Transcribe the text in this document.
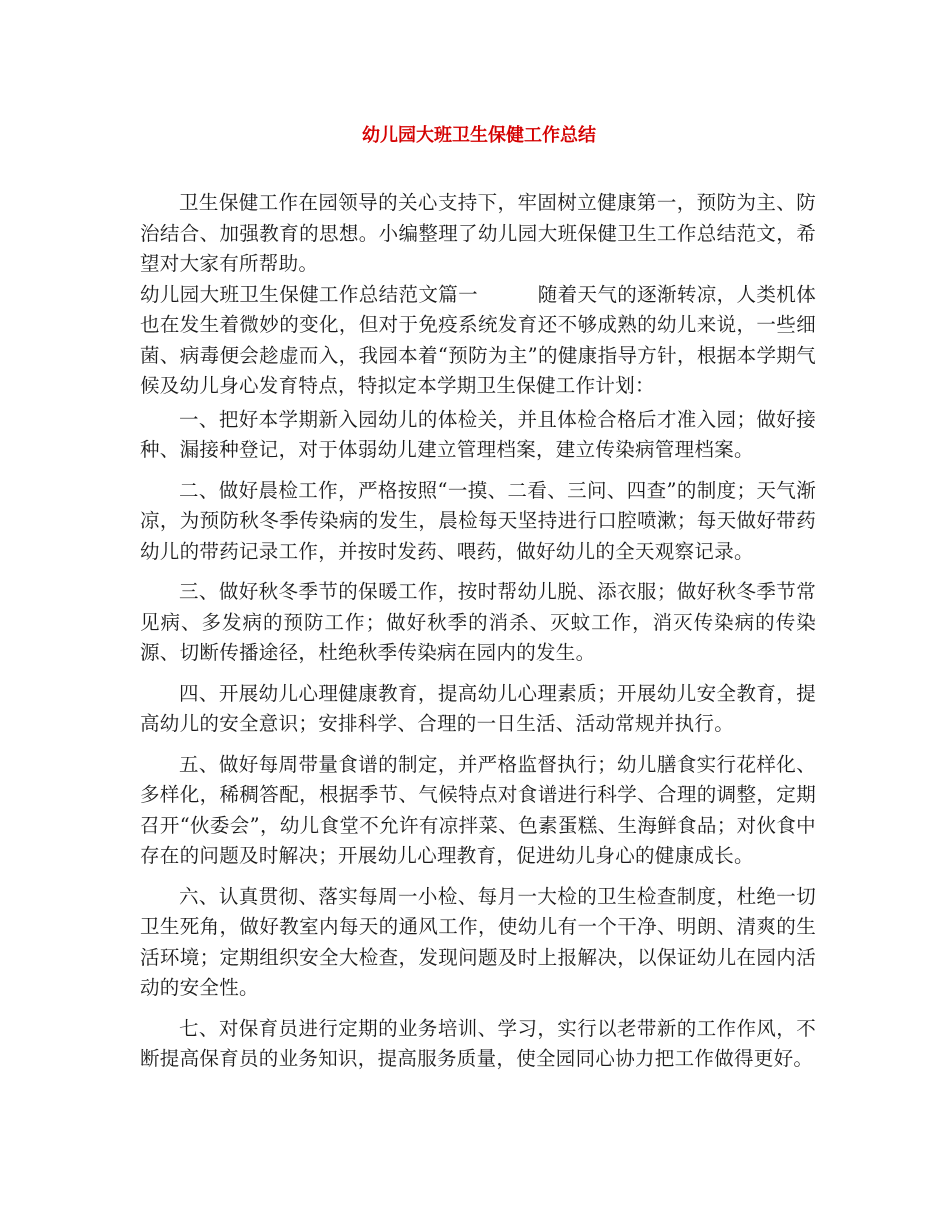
幼儿园大班卫生保健工作总结

卫生保健工作在园领导的关心支持下，牢固树立健康第一，预防为主、防治结合、加强教育的思想。小编整理了幼儿园大班保健卫生工作总结范文，希望对大家有所帮助。

幼儿园大班卫生保健工作总结范文篇一　　　随着天气的逐渐转凉，人类机体也在发生着微妙的变化，但对于免疫系统发育还不够成熟的幼儿来说，一些细菌、病毒便会趁虚而入，我园本着“预防为主”的健康指导方针，根据本学期气候及幼儿身心发育特点，特拟定本学期卫生保健工作计划：

一、把好本学期新入园幼儿的体检关，并且体检合格后才准入园；做好接种、漏接种登记，对于体弱幼儿建立管理档案，建立传染病管理档案。

二、做好晨检工作，严格按照“一摸、二看、三问、四查”的制度；天气渐凉，为预防秋冬季传染病的发生，晨检每天坚持进行口腔喷漱；每天做好带药幼儿的带药记录工作，并按时发药、喂药，做好幼儿的全天观察记录。

三、做好秋冬季节的保暖工作，按时帮幼儿脱、添衣服；做好秋冬季节常见病、多发病的预防工作；做好秋季的消杀、灭蚊工作，消灭传染病的传染源、切断传播途径，杜绝秋季传染病在园内的发生。

四、开展幼儿心理健康教育，提高幼儿心理素质；开展幼儿安全教育，提高幼儿的安全意识；安排科学、合理的一日生活、活动常规并执行。

五、做好每周带量食谱的制定，并严格监督执行；幼儿膳食实行花样化、多样化，稀稠答配，根据季节、气候特点对食谱进行科学、合理的调整，定期召开“伙委会”，幼儿食堂不允许有凉拌菜、色素蛋糕、生海鲜食品；对伙食中存在的问题及时解决；开展幼儿心理教育，促进幼儿身心的健康成长。

六、认真贯彻、落实每周一小检、每月一大检的卫生检查制度，杜绝一切卫生死角，做好教室内每天的通风工作，使幼儿有一个干净、明朗、清爽的生活环境；定期组织安全大检查，发现问题及时上报解决，以保证幼儿在园内活动的安全性。

七、对保育员进行定期的业务培训、学习，实行以老带新的工作作风，不断提高保育员的业务知识，提高服务质量，使全园同心协力把工作做得更好。
